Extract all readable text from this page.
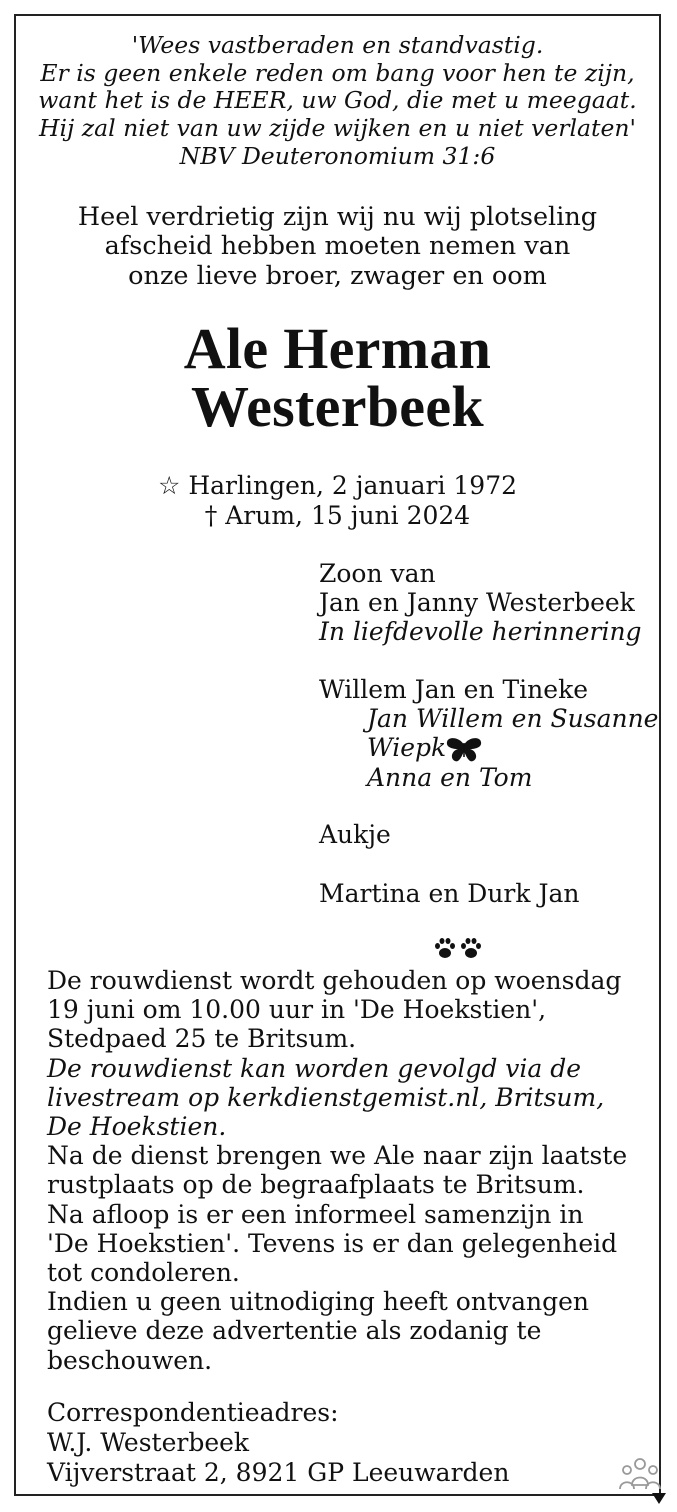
'Wees vastberaden en standvastig.
Er is geen enkele reden om bang voor hen te zijn,
want het is de HEER, uw God, die met u meegaat.
Hij zal niet van uw zijde wijken en u niet verlaten'
NBV Deuteronomium 31:6
Heel verdrietig zijn wij nu wij plotseling
afscheid hebben moeten nemen van
onze lieve broer, zwager en oom
Ale Herman
Westerbeek
☆ Harlingen, 2 januari 1972
† Arum, 15 juni 2024
Zoon van
Jan en Janny Westerbeek
In liefdevolle herinnering
Willem Jan en Tineke
Jan Willem en Susanne
Wiepk
Anna en Tom
Aukje
Martina en Durk Jan
De rouwdienst wordt gehouden op woensdag
19 juni om 10.00 uur in 'De Hoekstien',
Stedpaed 25 te Britsum.
De rouwdienst kan worden gevolgd via de
livestream op kerkdienstgemist.nl, Britsum,
De Hoekstien.
Na de dienst brengen we Ale naar zijn laatste
rustplaats op de begraafplaats te Britsum.
Na afloop is er een informeel samenzijn in
'De Hoekstien'. Tevens is er dan gelegenheid
tot condoleren.
Indien u geen uitnodiging heeft ontvangen
gelieve deze advertentie als zodanig te
beschouwen.
Correspondentieadres:
W.J. Westerbeek
Vijverstraat 2, 8921 GP Leeuwarden
